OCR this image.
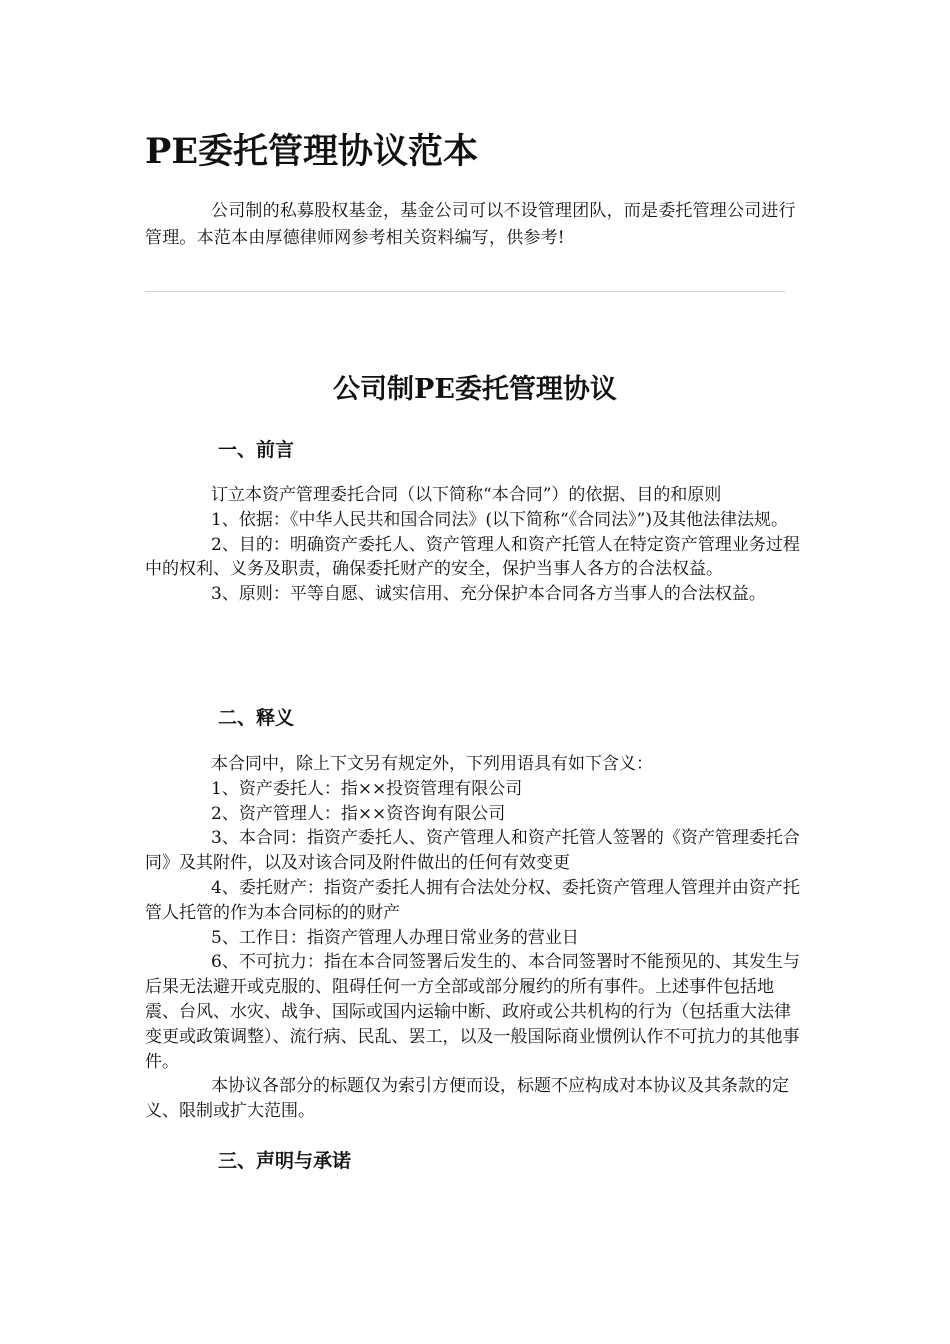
PE委托管理协议范本

公司制的私募股权基金，基金公司可以不设管理团队，而是委托管理公司进行管理。本范本由厚德律师网参考相关资料编写，供参考!

公司制PE委托管理协议
一、前言

订立本资产管理委托合同（以下简称“本合同”）的依据、目的和原则

1、依据：《中华人民共和国合同法》(以下简称“《合同法》”)及其他法律法规。

2、目的：明确资产委托人、资产管理人和资产托管人在特定资产管理业务过程中的权利、义务及职责，确保委托财产的安全，保护当事人各方的合法权益。

3、原则：平等自愿、诚实信用、充分保护本合同各方当事人的合法权益。

二、释义

本合同中，除上下文另有规定外，下列用语具有如下含义：

1、资产委托人：指××投资管理有限公司

2、资产管理人：指××资咨询有限公司

3、本合同：指资产委托人、资产管理人和资产托管人签署的《资产管理委托合同》及其附件，以及对该合同及附件做出的任何有效变更

4、委托财产：指资产委托人拥有合法处分权、委托资产管理人管理并由资产托管人托管的作为本合同标的的财产

5、工作日：指资产管理人办理日常业务的营业日

6、不可抗力：指在本合同签署后发生的、本合同签署时不能预见的、其发生与后果无法避开或克服的、阻碍任何一方全部或部分履约的所有事件。上述事件包括地震、台风、水灾、战争、国际或国内运输中断、政府或公共机构的行为（包括重大法律变更或政策调整）、流行病、民乱、罢工，以及一般国际商业惯例认作不可抗力的其他事件。

本协议各部分的标题仅为索引方便而设，标题不应构成对本协议及其条款的定义、限制或扩大范围。

三、声明与承诺
